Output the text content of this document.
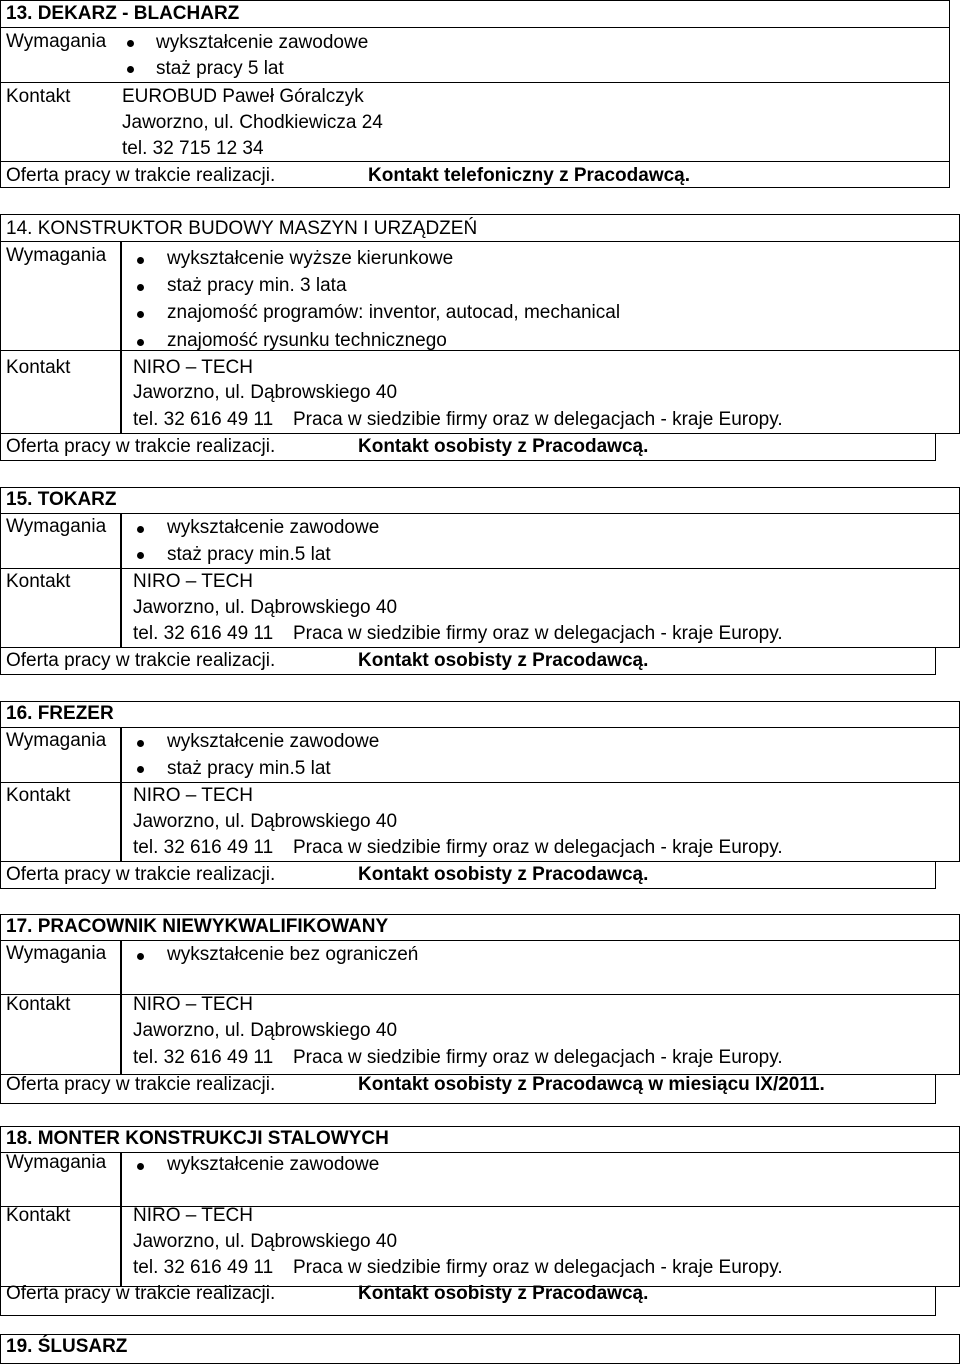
13. DEKARZ - BLACHARZ
Wymagania	wykształcenie zawodowe
staż pracy 5 lat
Kontakt	EUROBUD Paweł Góralczyk
Jaworzno, ul. Chodkiewicza 24
tel. 32 715 12 34
Oferta pracy w trakcie realizacji.	Kontakt telefoniczny z Pracodawcą.
14. KONSTRUKTOR BUDOWY MASZYN I URZĄDZEŃ
Wymagania	wykształcenie wyższe kierunkowe
staż pracy min. 3 lata
znajomość programów: inventor, autocad, mechanical
znajomość rysunku technicznego
Kontakt	NIRO – TECH
Jaworzno, ul. Dąbrowskiego 40
tel. 32 616 49 11 Praca w siedzibie firmy oraz w delegacjach - kraje Europy.
Oferta pracy w trakcie realizacji.	Kontakt osobisty z Pracodawcą.
15. TOKARZ
Wymagania	wykształcenie zawodowe
staż pracy min.5 lat
Kontakt	NIRO – TECH
Jaworzno, ul. Dąbrowskiego 40
tel. 32 616 49 11 Praca w siedzibie firmy oraz w delegacjach - kraje Europy.
Oferta pracy w trakcie realizacji.	Kontakt osobisty z Pracodawcą.
16. FREZER
Wymagania	wykształcenie zawodowe
staż pracy min.5 lat
Kontakt	NIRO – TECH
Jaworzno, ul. Dąbrowskiego 40
tel. 32 616 49 11 Praca w siedzibie firmy oraz w delegacjach - kraje Europy.
Oferta pracy w trakcie realizacji.	Kontakt osobisty z Pracodawcą.
17. PRACOWNIK NIEWYKWALIFIKOWANY
Wymagania	wykształcenie bez ograniczeń
Kontakt	NIRO – TECH
Jaworzno, ul. Dąbrowskiego 40
tel. 32 616 49 11 Praca w siedzibie firmy oraz w delegacjach - kraje Europy.
Oferta pracy w trakcie realizacji.	Kontakt osobisty z Pracodawcą w miesiącu IX/2011.
18. MONTER KONSTRUKCJI STALOWYCH
Wymagania	wykształcenie zawodowe
Kontakt	NIRO – TECH
Jaworzno, ul. Dąbrowskiego 40
tel. 32 616 49 11 Praca w siedzibie firmy oraz w delegacjach - kraje Europy.
Oferta pracy w trakcie realizacji.	Kontakt osobisty z Pracodawcą.
19. ŚLUSARZ
